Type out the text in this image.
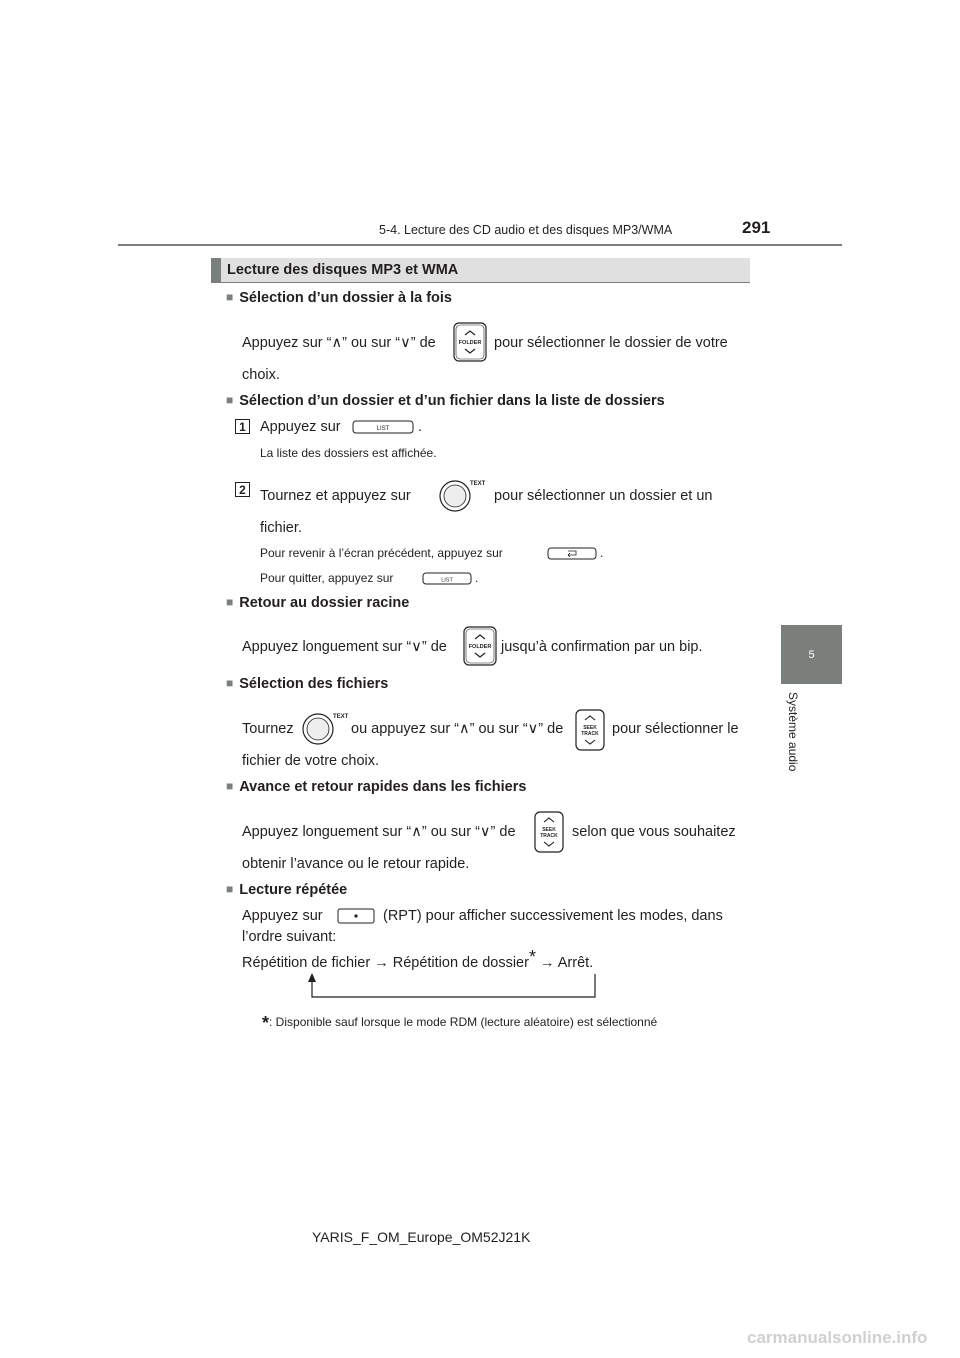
5-4. Lecture des CD audio et des disques MP3/WMA	291
5
Système audio
Lecture des disques MP3 et WMA
■ Sélection d’un dossier à la fois
Appuyez sur “∧” ou sur “∨” de	FOLDER pour sélectionner le dossier de votre
choix.
■ Sélection d’un dossier et d’un fichier dans la liste de dossiers
1 Appuyez sur	LIST .
La liste des dossiers est affichée.
2 Tournez et appuyez sur
TEXT
pour sélectionner un dossier et un
fichier.
Pour revenir à l’écran précédent, appuyez sur	.
Pour quitter, appuyez sur	LIST .
■ Retour au dossier racine
Appuyez longuement sur “∨” de	FOLDER jusqu’à confirmation par un bip.
■ Sélection des fichiers
Tournez
TEXT
ou appuyez sur “∧” ou sur “∨” de	SEEK
TRACK pour sélectionner le
fichier de votre choix.
■ Avance et retour rapides dans les fichiers
Appuyez longuement sur “∧” ou sur “∨” de	SEEK
TRACK selon que vous souhaitez
obtenir l’avance ou le retour rapide.
■ Lecture répétée
Appuyez sur	(RPT) pour afficher successivement les modes, dans
l’ordre suivant:
Répétition de fichier → Répétition de dossier* → Arrêt.
*: Disponible sauf lorsque le mode RDM (lecture aléatoire) est sélectionné
YARIS_F_OM_Europe_OM52J21K
carmanualsonline.info
